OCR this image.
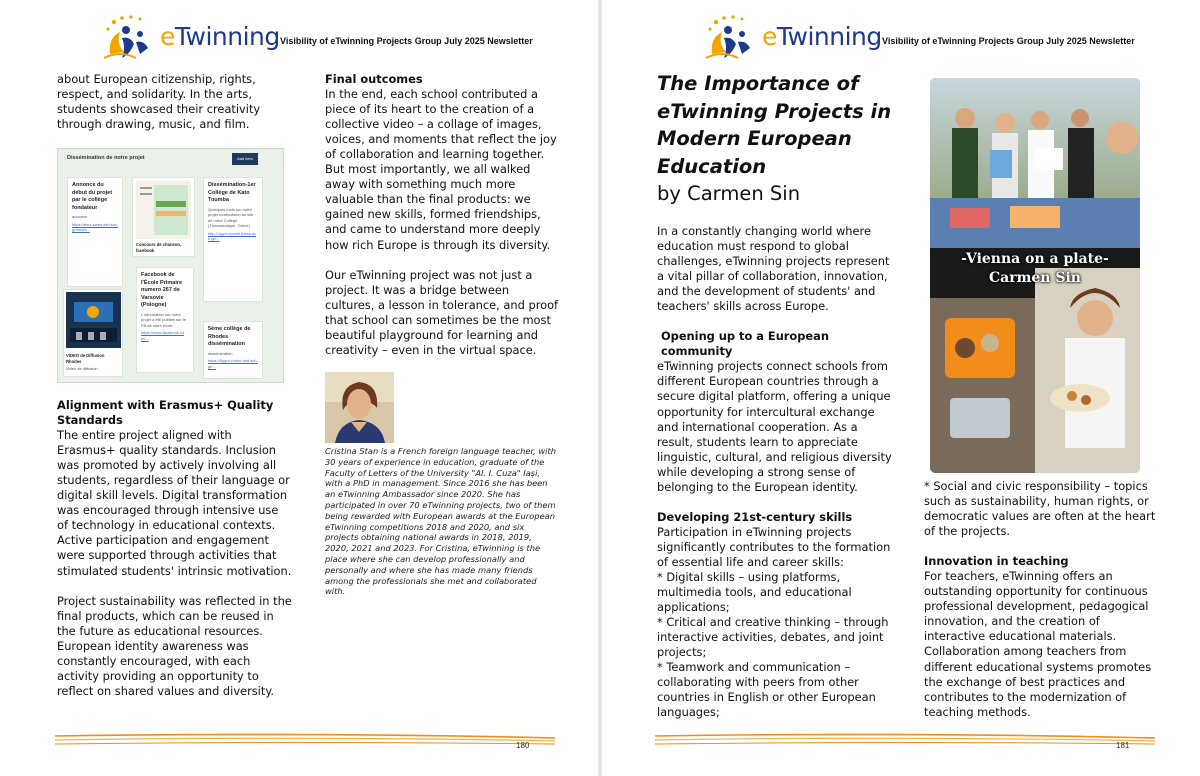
eTwinning Visibility of eTwinning Projects Group July 2025 Newsletter

about European citizenship, rights, respect, and solidarity. In the arts, students showcased their creativity through drawing, music, and film.

Dissémination de notre projet	Add item
Annonce du début du projet par le collège fondateur
annonce
https://bsrs-swsa.dsd.sch.gr/enubi...
Concours de chanson, facebook
Dissémination-1er Collège de Kato Toumba
Quelques mots sur notre projet multiculturel au site de notre Collège (Thessalonique, Grèce)
http://1gym-toumb.thess.sch.gr/...
Facebook de l'École Primaire numero 267 de Varsovie (Pologne)
L'information sur notre projet a été publiée sur le FB de notre école
https://www.facebook.com/...
5ème collège de Rhodes dissémination
dissémination
https://5gym-rodou.dod.sch.gr/...
VIDEO de Diffusion Rhodes
Video de diffusion
Alignment with Erasmus+ Quality Standards

The entire project aligned with Erasmus+ quality standards. Inclusion was promoted by actively involving all students, regardless of their language or digital skill levels. Digital transformation was encouraged through intensive use of technology in educational contexts. Active participation and engagement were supported through activities that stimulated students' intrinsic motivation.

Project sustainability was reflected in the final products, which can be reused in the future as educational resources. European identity awareness was constantly encouraged, with each activity providing an opportunity to reflect on shared values and diversity.

Final outcomes

In the end, each school contributed a piece of its heart to the creation of a collective video – a collage of images, voices, and moments that reflect the joy of collaboration and learning together. But most importantly, we all walked away with something much more valuable than the final products: we gained new skills, formed friendships, and came to understand more deeply how rich Europe is through its diversity.

Our eTwinning project was not just a project. It was a bridge between cultures, a lesson in tolerance, and proof that school can sometimes be the most beautiful playground for learning and creativity – even in the virtual space.

Cristina Stan is a French foreign language teacher, with 30 years of experience in education, graduate of the Faculty of Letters of the University "Al. I. Cuza" Iași, with a PhD in management. Since 2016 she has been an eTwinning Ambassador since 2020. She has participated in over 70 eTwinning projects, two of them being rewarded with European awards at the European eTwinning competitions 2018 and 2020, and six projects obtaining national awards in 2018, 2019, 2020, 2021 and 2023. For Cristina, eTwinning is the place where she can develop professionally and personally and where she has made many friends among the professionals she met and collaborated with.
180
eTwinning Visibility of eTwinning Projects Group July 2025 Newsletter
The Importance of eTwinning Projects in Modern European Education
by Carmen Sin

In a constantly changing world where education must respond to global challenges, eTwinning projects represent a vital pillar of collaboration, innovation, and the development of students' and teachers' skills across Europe.

Opening up to a European community

eTwinning projects connect schools from different European countries through a secure digital platform, offering a unique opportunity for intercultural exchange and international cooperation. As a result, students learn to appreciate linguistic, cultural, and religious diversity while developing a strong sense of belonging to the European identity.

Developing 21st-century skills
Participation in eTwinning projects significantly contributes to the formation of essential life and career skills:
* Digital skills – using platforms, multimedia tools, and educational applications;
* Critical and creative thinking – through interactive activities, debates, and joint projects;
* Teamwork and communication – collaborating with peers from other countries in English or other European languages;
-Vienna on a plate- Carmen Sin

* Social and civic responsibility – topics such as sustainability, human rights, or democratic values are often at the heart of the projects.

Innovation in teaching

For teachers, eTwinning offers an outstanding opportunity for continuous professional development, pedagogical innovation, and the creation of interactive educational materials. Collaboration among teachers from different educational systems promotes the exchange of best practices and contributes to the modernization of teaching methods.

181
